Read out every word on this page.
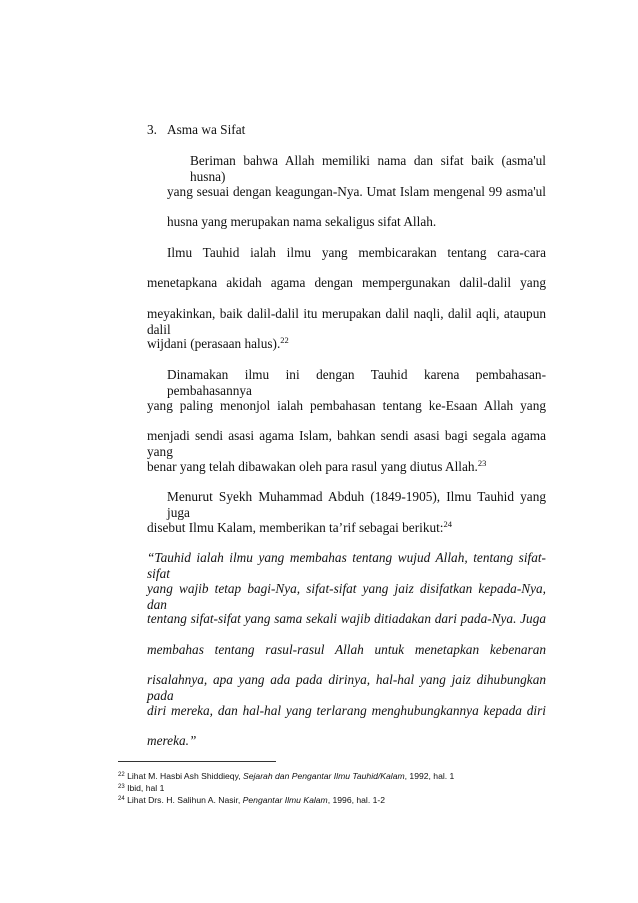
3. Asma wa Sifat
Beriman bahwa Allah memiliki nama dan sifat baik (asma'ul husna)
yang sesuai dengan keagungan-Nya. Umat Islam mengenal 99 asma'ul
husna yang merupakan nama sekaligus sifat Allah.
Ilmu Tauhid ialah ilmu yang membicarakan tentang cara-cara
menetapkana akidah agama dengan mempergunakan dalil-dalil yang
meyakinkan, baik dalil-dalil itu merupakan dalil naqli, dalil aqli, ataupun dalil
wijdani (perasaan halus).$^{22}$
Dinamakan ilmu ini dengan Tauhid karena pembahasan-pembahasannya
yang paling menonjol ialah pembahasan tentang ke-Esaan Allah yang
menjadi sendi asasi agama Islam, bahkan sendi asasi bagi segala agama yang
benar yang telah dibawakan oleh para rasul yang diutus Allah.$^{23}$
Menurut Syekh Muhammad Abduh (1849-1905), Ilmu Tauhid yang juga
disebut Ilmu Kalam, memberikan ta’rif sebagai berikut:$^{24}$
“Tauhid ialah ilmu yang membahas tentang wujud Allah, tentang sifat-sifat
yang wajib tetap bagi-Nya, sifat-sifat yang jaiz disifatkan kepada-Nya, dan
tentang sifat-sifat yang sama sekali wajib ditiadakan dari pada-Nya. Juga
membahas tentang rasul-rasul Allah untuk menetapkan kebenaran
risalahnya, apa yang ada pada dirinya, hal-hal yang jaiz dihubungkan pada
diri mereka, dan hal-hal yang terlarang menghubungkannya kepada diri
mereka.”
$^{22}$ Lihat M. Hasbi Ash Shiddieqy, Sejarah dan Pengantar Ilmu Tauhid/Kalam, 1992, hal. 1
$^{23}$ Ibid, hal 1
$^{24}$ Lihat Drs. H. Salihun A. Nasir, Pengantar Ilmu Kalam, 1996, hal. 1-2
